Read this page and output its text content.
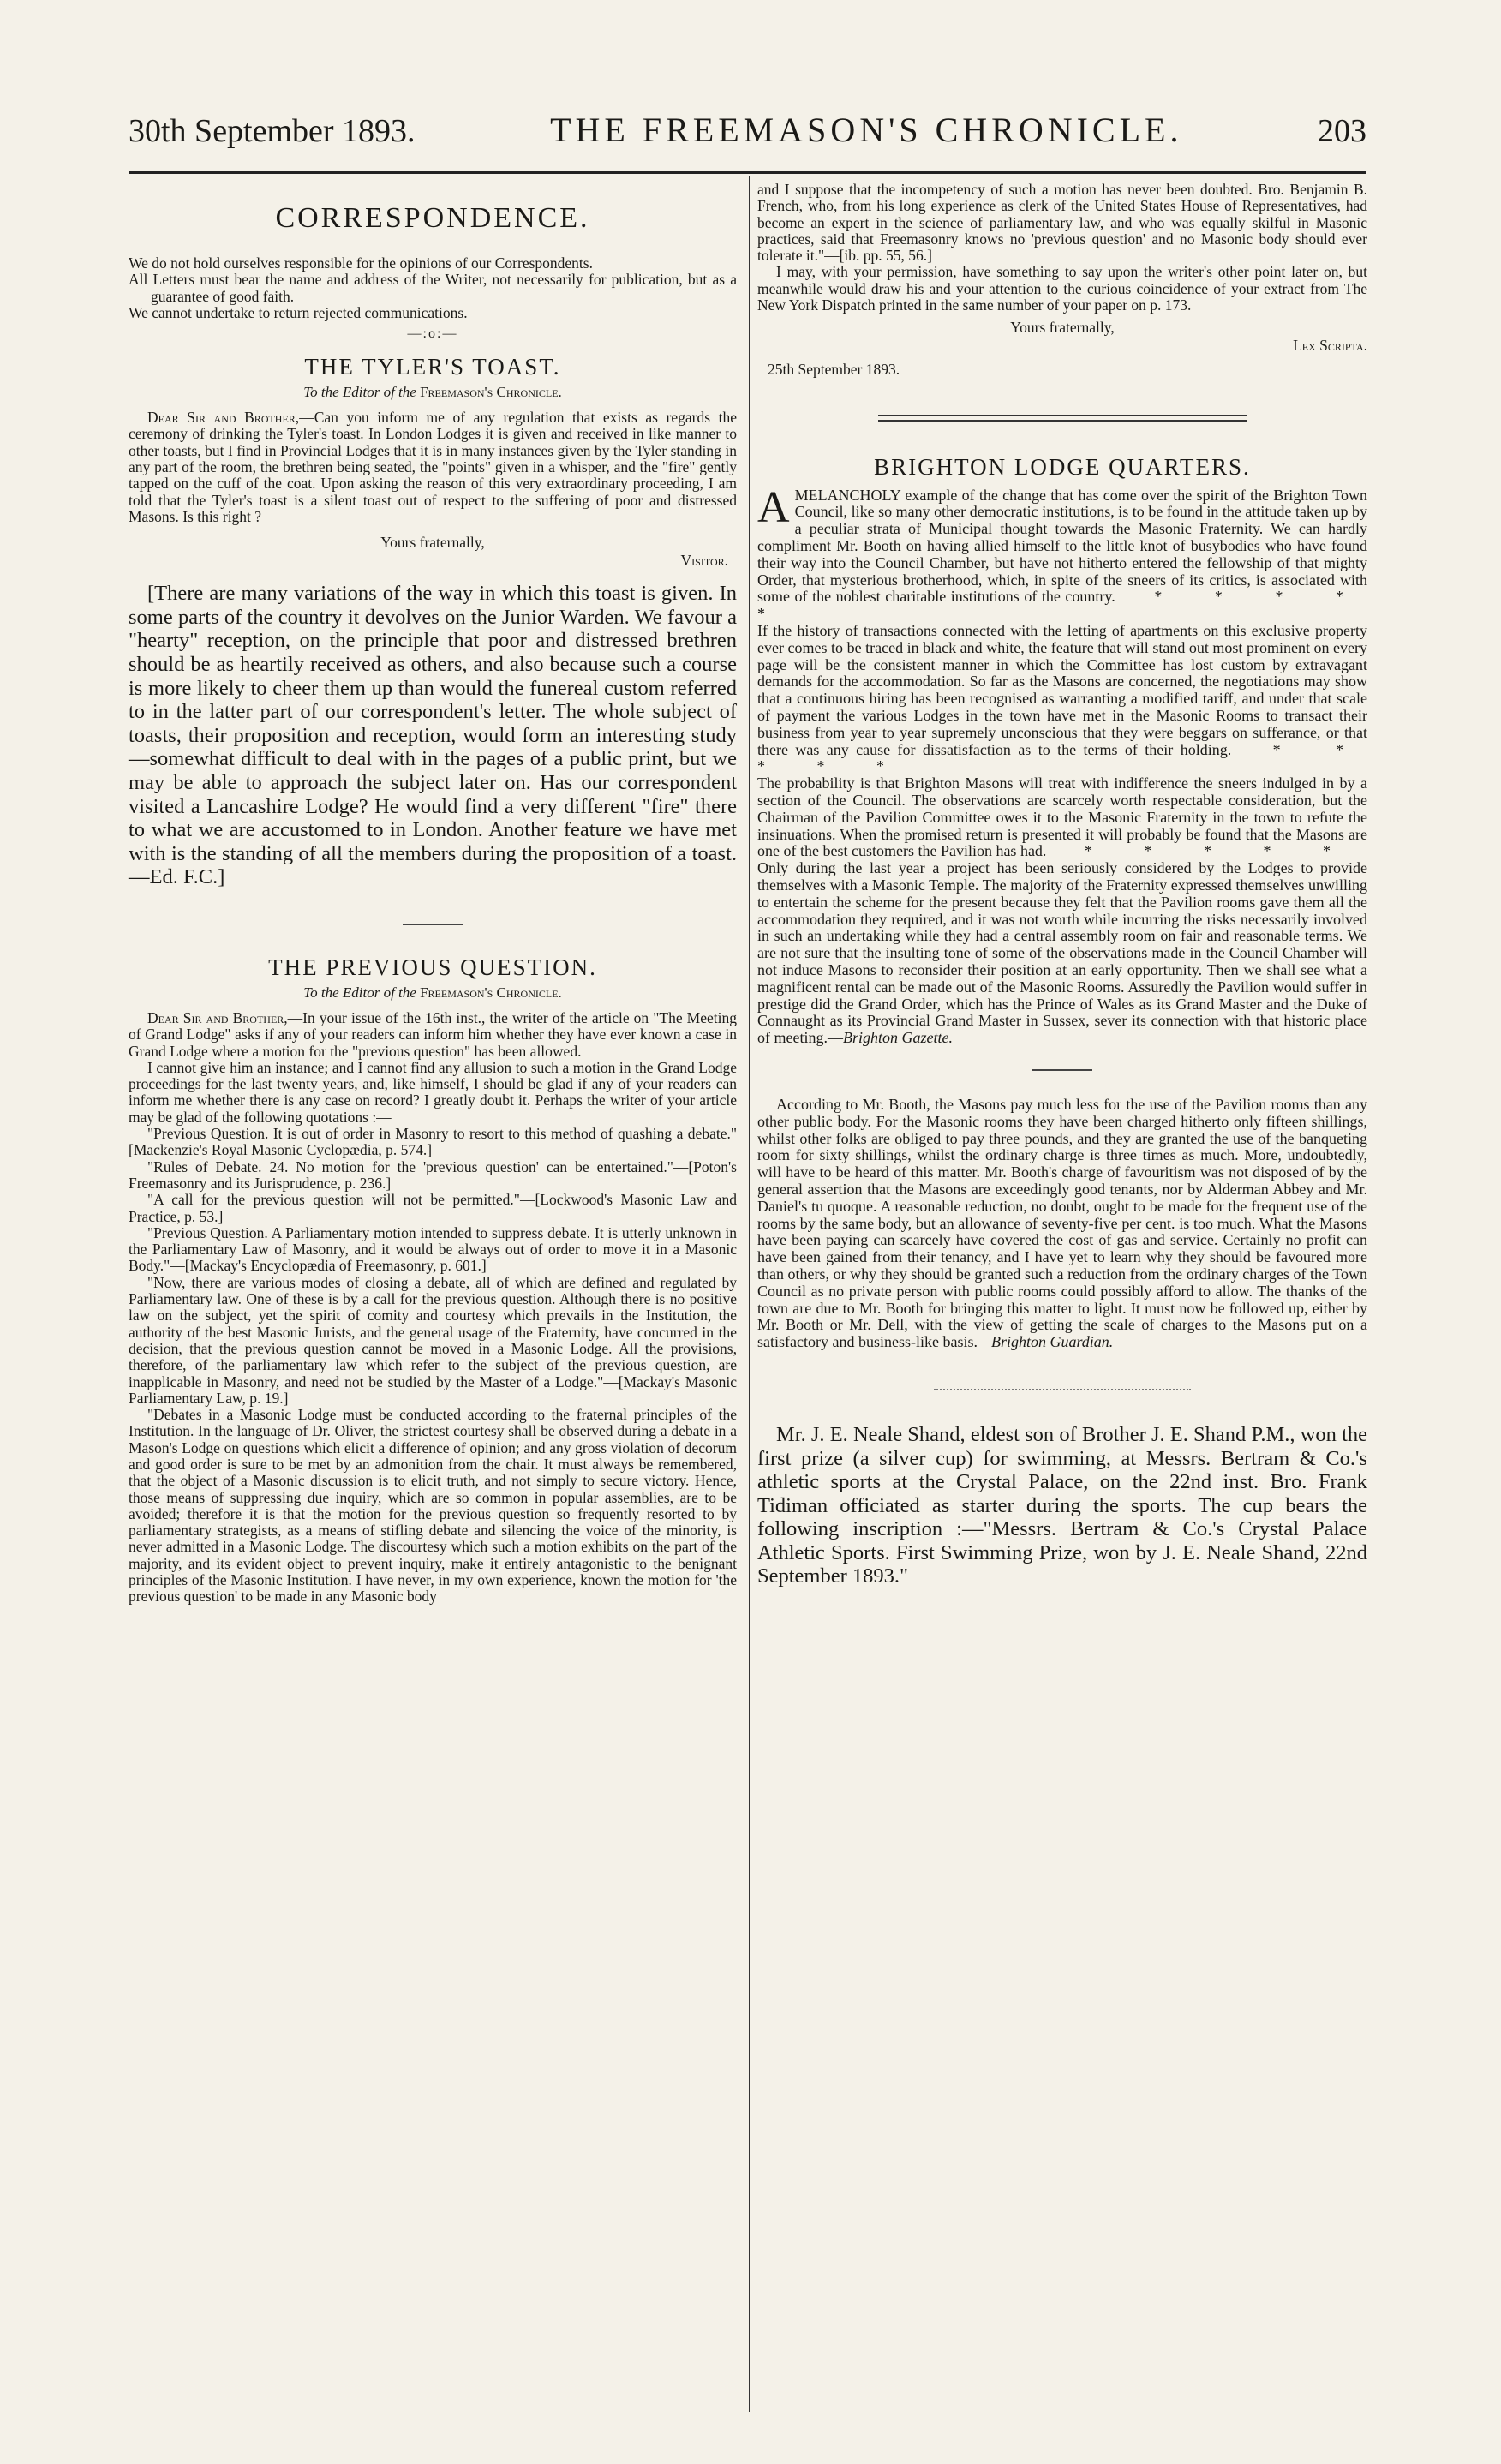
30th September 1893.	THE FREEMASON'S CHRONICLE.	203
CORRESPONDENCE.

We do not hold ourselves responsible for the opinions of our Correspondents.

All Letters must bear the name and address of the Writer, not necessarily for publication, but as a guarantee of good faith.

We cannot undertake to return rejected communications.

—:o:—
THE TYLER'S TOAST.
To the Editor of the Freemason's Chronicle.

Dear Sir and Brother,—Can you inform me of any regulation that exists as regards the ceremony of drinking the Tyler's toast. In London Lodges it is given and received in like manner to other toasts, but I find in Provincial Lodges that it is in many instances given by the Tyler standing in any part of the room, the brethren being seated, the "points" given in a whisper, and the "fire" gently tapped on the cuff of the coat. Upon asking the reason of this very extraordinary proceeding, I am told that the Tyler's toast is a silent toast out of respect to the suffering of poor and distressed Masons. Is this right ?

Yours fraternally,

Visitor.

[There are many variations of the way in which this toast is given. In some parts of the country it devolves on the Junior Warden. We favour a "hearty" reception, on the principle that poor and distressed brethren should be as heartily received as others, and also because such a course is more likely to cheer them up than would the funereal custom referred to in the latter part of our correspondent's letter. The whole subject of toasts, their proposition and reception, would form an interesting study—somewhat difficult to deal with in the pages of a public print, but we may be able to approach the subject later on. Has our correspondent visited a Lancashire Lodge? He would find a very different "fire" there to what we are accustomed to in London. Another feature we have met with is the standing of all the members during the proposition of a toast.—Ed. F.C.]

THE PREVIOUS QUESTION.
To the Editor of the Freemason's Chronicle.

Dear Sir and Brother,—In your issue of the 16th inst., the writer of the article on "The Meeting of Grand Lodge" asks if any of your readers can inform him whether they have ever known a case in Grand Lodge where a motion for the "previous question" has been allowed.

I cannot give him an instance; and I cannot find any allusion to such a motion in the Grand Lodge proceedings for the last twenty years, and, like himself, I should be glad if any of your readers can inform me whether there is any case on record? I greatly doubt it. Perhaps the writer of your article may be glad of the following quotations :—

"Previous Question. It is out of order in Masonry to resort to this method of quashing a debate." [Mackenzie's Royal Masonic Cyclopædia, p. 574.]

"Rules of Debate. 24. No motion for the 'previous question' can be entertained."—[Poton's Freemasonry and its Jurisprudence, p. 236.]

"A call for the previous question will not be permitted."—[Lockwood's Masonic Law and Practice, p. 53.]

"Previous Question. A Parliamentary motion intended to suppress debate. It is utterly unknown in the Parliamentary Law of Masonry, and it would be always out of order to move it in a Masonic Body."—[Mackay's Encyclopædia of Freemasonry, p. 601.]

"Now, there are various modes of closing a debate, all of which are defined and regulated by Parliamentary law. One of these is by a call for the previous question. Although there is no positive law on the subject, yet the spirit of comity and courtesy which prevails in the Institution, the authority of the best Masonic Jurists, and the general usage of the Fraternity, have concurred in the decision, that the previous question cannot be moved in a Masonic Lodge. All the provisions, therefore, of the parliamentary law which refer to the subject of the previous question, are inapplicable in Masonry, and need not be studied by the Master of a Lodge."—[Mackay's Masonic Parliamentary Law, p. 19.]

"Debates in a Masonic Lodge must be conducted according to the fraternal principles of the Institution. In the language of Dr. Oliver, the strictest courtesy shall be observed during a debate in a Mason's Lodge on questions which elicit a difference of opinion; and any gross violation of decorum and good order is sure to be met by an admonition from the chair. It must always be remembered, that the object of a Masonic discussion is to elicit truth, and not simply to secure victory. Hence, those means of suppressing due inquiry, which are so common in popular assemblies, are to be avoided; therefore it is that the motion for the previous question so frequently resorted to by parliamentary strategists, as a means of stifling debate and silencing the voice of the minority, is never admitted in a Masonic Lodge. The discourtesy which such a motion exhibits on the part of the majority, and its evident object to prevent inquiry, make it entirely antagonistic to the benignant principles of the Masonic Institution. I have never, in my own experience, known the motion for 'the previous question' to be made in any Masonic body

and I suppose that the incompetency of such a motion has never been doubted. Bro. Benjamin B. French, who, from his long experience as clerk of the United States House of Representatives, had become an expert in the science of parliamentary law, and who was equally skilful in Masonic practices, said that Freemasonry knows no 'previous question' and no Masonic body should ever tolerate it."—[ib. pp. 55, 56.]

I may, with your permission, have something to say upon the writer's other point later on, but meanwhile would draw his and your attention to the curious coincidence of your extract from The New York Dispatch printed in the same number of your paper on p. 173.

Yours fraternally,

Lex Scripta.

25th September 1893.

BRIGHTON LODGE QUARTERS.

AMELANCHOLY example of the change that has come over the spirit of the Brighton Town Council, like so many other democratic institutions, is to be found in the attitude taken up by a peculiar strata of Municipal thought towards the Masonic Fraternity. We can hardly compliment Mr. Booth on having allied himself to the little knot of busybodies who have found their way into the Council Chamber, but have not hitherto entered the fellowship of that mighty Order, that mysterious brotherhood, which, in spite of the sneers of its critics, is associated with some of the noblest charitable institutions of the country.	* * * * *

If the history of transactions connected with the letting of apartments on this exclusive property ever comes to be traced in black and white, the feature that will stand out most prominent on every page will be the consistent manner in which the Committee has lost custom by extravagant demands for the accommodation. So far as the Masons are concerned, the negotiations may show that a continuous hiring has been recognised as warranting a modified tariff, and under that scale of payment the various Lodges in the town have met in the Masonic Rooms to transact their business from year to year supremely unconscious that they were beggars on sufferance, or that there was any cause for dissatisfaction as to the terms of their holding.	* * * * *

The probability is that Brighton Masons will treat with indifference the sneers indulged in by a section of the Council. The observations are scarcely worth respectable consideration, but the Chairman of the Pavilion Committee owes it to the Masonic Fraternity in the town to refute the insinuations. When the promised return is presented it will probably be found that the Masons are one of the best customers the Pavilion has had. * * * * *

Only during the last year a project has been seriously considered by the Lodges to provide themselves with a Masonic Temple. The majority of the Fraternity expressed themselves unwilling to entertain the scheme for the present because they felt that the Pavilion rooms gave them all the accommodation they required, and it was not worth while incurring the risks necessarily involved in such an undertaking while they had a central assembly room on fair and reasonable terms. We are not sure that the insulting tone of some of the observations made in the Council Chamber will not induce Masons to reconsider their position at an early opportunity. Then we shall see what a magnificent rental can be made out of the Masonic Rooms. Assuredly the Pavilion would suffer in prestige did the Grand Order, which has the Prince of Wales as its Grand Master and the Duke of Connaught as its Provincial Grand Master in Sussex, sever its connection with that historic place of meeting.—Brighton Gazette.

According to Mr. Booth, the Masons pay much less for the use of the Pavilion rooms than any other public body. For the Masonic rooms they have been charged hitherto only fifteen shillings, whilst other folks are obliged to pay three pounds, and they are granted the use of the banqueting room for sixty shillings, whilst the ordinary charge is three times as much. More, undoubtedly, will have to be heard of this matter. Mr. Booth's charge of favouritism was not disposed of by the general assertion that the Masons are exceedingly good tenants, nor by Alderman Abbey and Mr. Daniel's tu quoque. A reasonable reduction, no doubt, ought to be made for the frequent use of the rooms by the same body, but an allowance of seventy-five per cent. is too much. What the Masons have been paying can scarcely have covered the cost of gas and service. Certainly no profit can have been gained from their tenancy, and I have yet to learn why they should be favoured more than others, or why they should be granted such a reduction from the ordinary charges of the Town Council as no private person with public rooms could possibly afford to allow. The thanks of the town are due to Mr. Booth for bringing this matter to light. It must now be followed up, either by Mr. Booth or Mr. Dell, with the view of getting the scale of charges to the Masons put on a satisfactory and business-like basis.—Brighton Guardian.

Mr. J. E. Neale Shand, eldest son of Brother J. E. Shand P.M., won the first prize (a silver cup) for swimming, at Messrs. Bertram & Co.'s athletic sports at the Crystal Palace, on the 22nd inst. Bro. Frank Tidiman officiated as starter during the sports. The cup bears the following inscription :—"Messrs. Bertram & Co.'s Crystal Palace Athletic Sports. First Swimming Prize, won by J. E. Neale Shand, 22nd September 1893."
